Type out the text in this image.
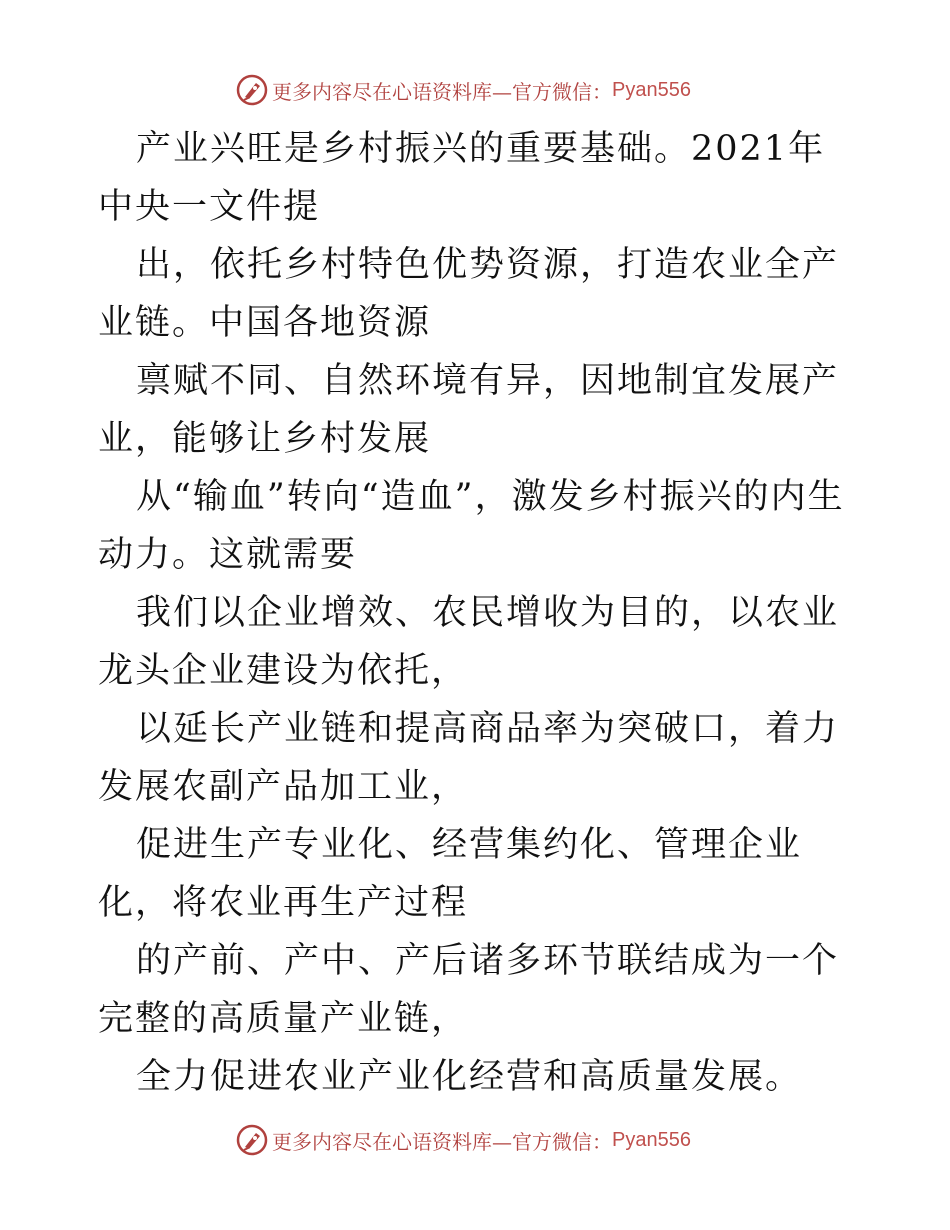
更多内容尽在心语资料库—官方微信： Pyan556

产业兴旺是乡村振兴的重要基础。2021年中央一文件提

出，依托乡村特色优势资源，打造农业全产业链。中国各地资源

禀赋不同、自然环境有异，因地制宜发展产业，能够让乡村发展

从“输血”转向“造血”，激发乡村振兴的内生动力。这就需要

我们以企业增效、农民增收为目的，以农业龙头企业建设为依托，

以延长产业链和提高商品率为突破口，着力发展农副产品加工业，

促进生产专业化、经营集约化、管理企业化，将农业再生产过程

的产前、产中、产后诸多环节联结成为一个完整的高质量产业链，

全力促进农业产业化经营和高质量发展。

更多内容尽在心语资料库—官方微信： Pyan556
